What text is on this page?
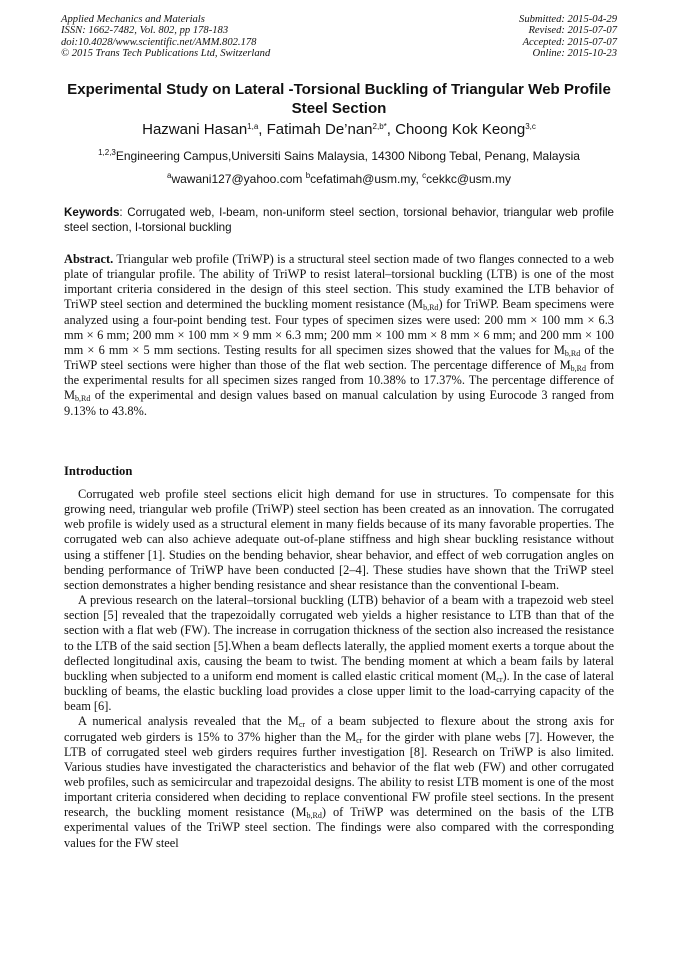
Applied Mechanics and Materials
ISSN: 1662-7482, Vol. 802, pp 178-183
doi:10.4028/www.scientific.net/AMM.802.178
© 2015 Trans Tech Publications Ltd, Switzerland
Submitted: 2015-04-29
Revised: 2015-07-07
Accepted: 2015-07-07
Online: 2015-10-23
Experimental Study on Lateral -Torsional Buckling of Triangular Web Profile Steel Section
Hazwani Hasan$^{1,a}$, Fatimah De’nan$^{2,b*}$, Choong Kok Keong$^{3,c}$
$^{1,2,3}$Engineering Campus,Universiti Sains Malaysia, 14300 Nibong Tebal, Penang, Malaysia
$^a$wawani127@yahoo.com $^b$cefatimah@usm.my, $^c$cekkc@usm.my
Keywords: Corrugated web, I-beam, non-uniform steel section, torsional behavior, triangular web profile steel section, I-torsional buckling
Abstract. Triangular web profile (TriWP) is a structural steel section made of two flanges connected to a web plate of triangular profile. The ability of TriWP to resist lateral–torsional buckling (LTB) is one of the most important criteria considered in the design of this steel section. This study examined the LTB behavior of TriWP steel section and determined the buckling moment resistance $(M_{b,Rd})$ for TriWP. Beam specimens were analyzed using a four-point bending test. Four types of specimen sizes were used: 200 mm × 100 mm × 6.3 mm × 6 mm; 200 mm × 100 mm × 9 mm × 6.3 mm; 200 mm × 100 mm × 8 mm × 6 mm; and 200 mm × 100 mm × 6 mm × 5 mm sections. Testing results for all specimen sizes showed that the values for $M_{b,Rd}$ of the TriWP steel sections were higher than those of the flat web section. The percentage difference of $M_{b,Rd}$ from the experimental results for all specimen sizes ranged from 10.38% to 17.37%. The percentage difference of $M_{b,Rd}$ of the experimental and design values based on manual calculation by using Eurocode 3 ranged from 9.13% to 43.8%.
Introduction

Corrugated web profile steel sections elicit high demand for use in structures. To compensate for this growing need, triangular web profile (TriWP) steel section has been created as an innovation. The corrugated web profile is widely used as a structural element in many fields because of its many favorable properties. The corrugated web can also achieve adequate out-of-plane stiffness and high shear buckling resistance without using a stiffener [1]. Studies on the bending behavior, shear behavior, and effect of web corrugation angles on bending performance of TriWP have been conducted [2–4]. These studies have shown that the TriWP steel section demonstrates a higher bending resistance and shear resistance than the conventional I-beam.

A previous research on the lateral–torsional buckling (LTB) behavior of a beam with a trapezoid web steel section [5] revealed that the trapezoidally corrugated web yields a higher resistance to LTB than that of the section with a flat web (FW). The increase in corrugation thickness of the section also increased the resistance to the LTB of the said section [5].When a beam deflects laterally, the applied moment exerts a torque about the deflected longitudinal axis, causing the beam to twist. The bending moment at which a beam fails by lateral buckling when subjected to a uniform end moment is called elastic critical moment $(M_{cr})$. In the case of lateral buckling of beams, the elastic buckling load provides a close upper limit to the load-carrying capacity of the beam [6].

A numerical analysis revealed that the $M_{cr}$ of a beam subjected to flexure about the strong axis for corrugated web girders is 15% to 37% higher than the $M_{cr}$ for the girder with plane webs [7]. However, the LTB of corrugated steel web girders requires further investigation [8]. Research on TriWP is also limited. Various studies have investigated the characteristics and behavior of the flat web (FW) and other corrugated web profiles, such as semicircular and trapezoidal designs. The ability to resist LTB moment is one of the most important criteria considered when deciding to replace conventional FW profile steel sections. In the present research, the buckling moment resistance $(M_{b,Rd})$ of TriWP was determined on the basis of the LTB experimental values of the TriWP steel section. The findings were also compared with the corresponding values for the FW steel
